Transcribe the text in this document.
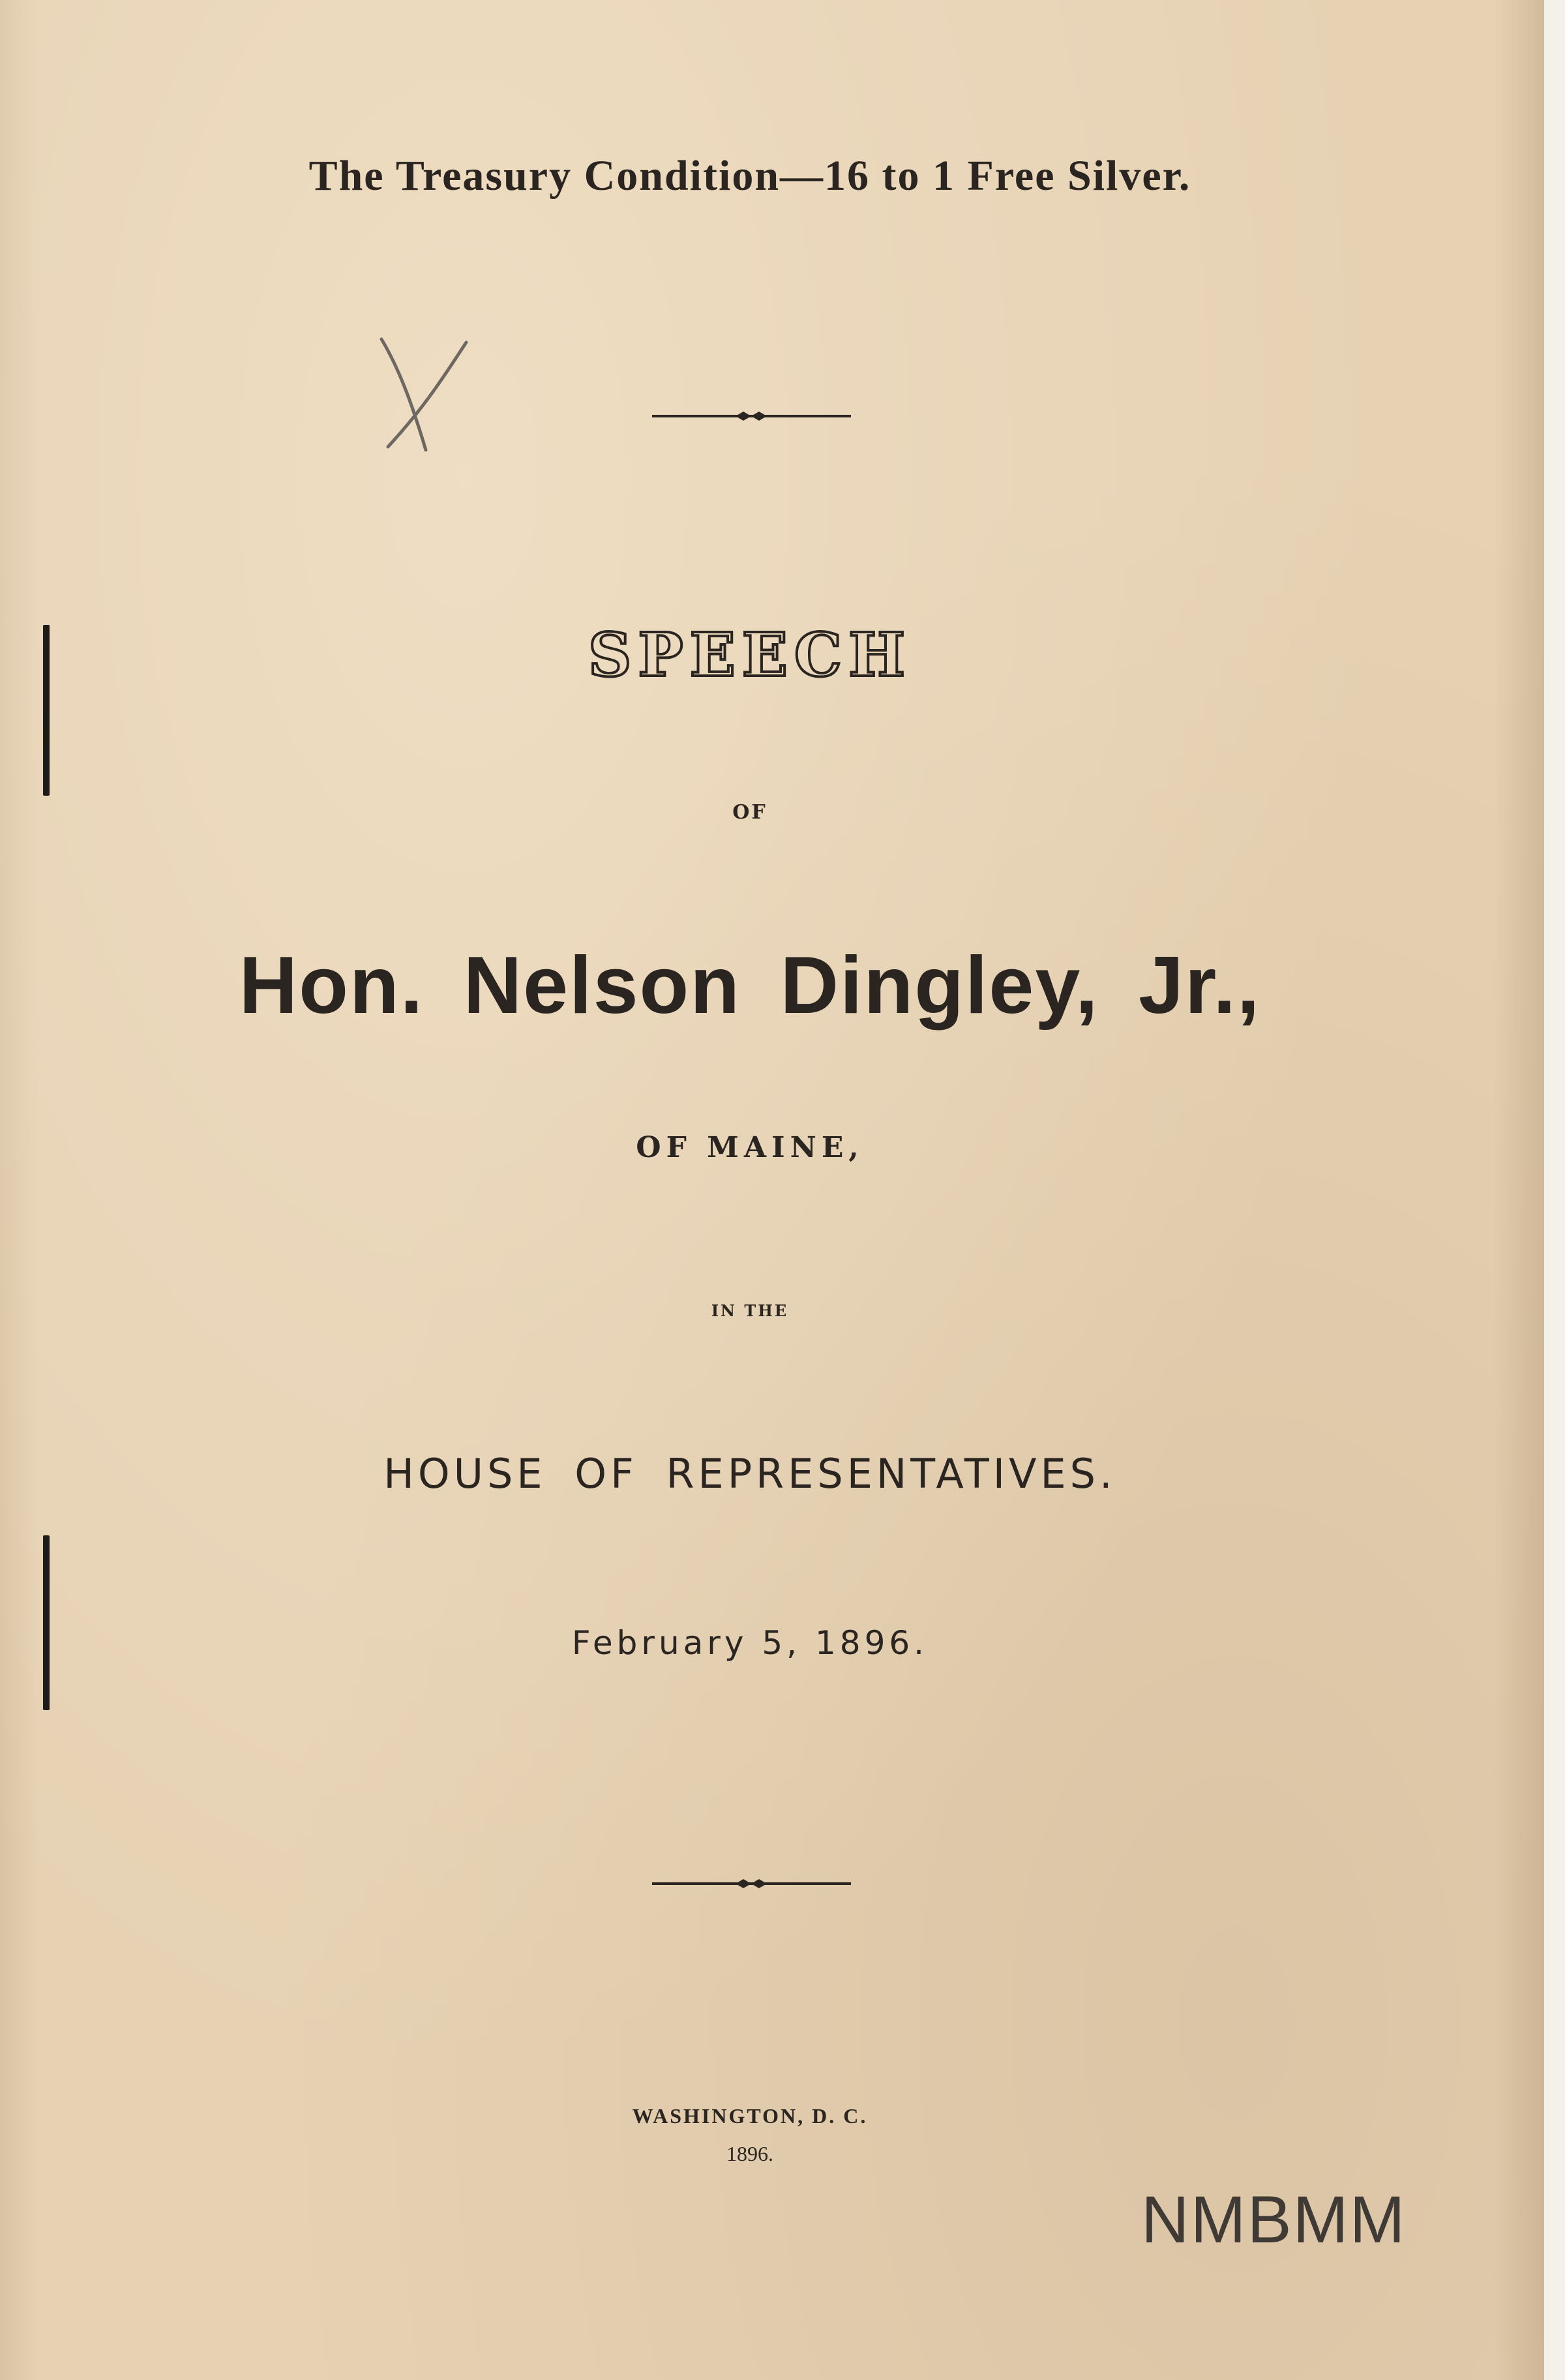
The Treasury Condition—16 to 1 Free Silver.
SPEECH
OF
Hon. Nelson Dingley, Jr.,
OF MAINE,
IN THE
HOUSE OF REPRESENTATIVES.
February 5, 1896.
WASHINGTON, D. C.
1896.
NMBMM
